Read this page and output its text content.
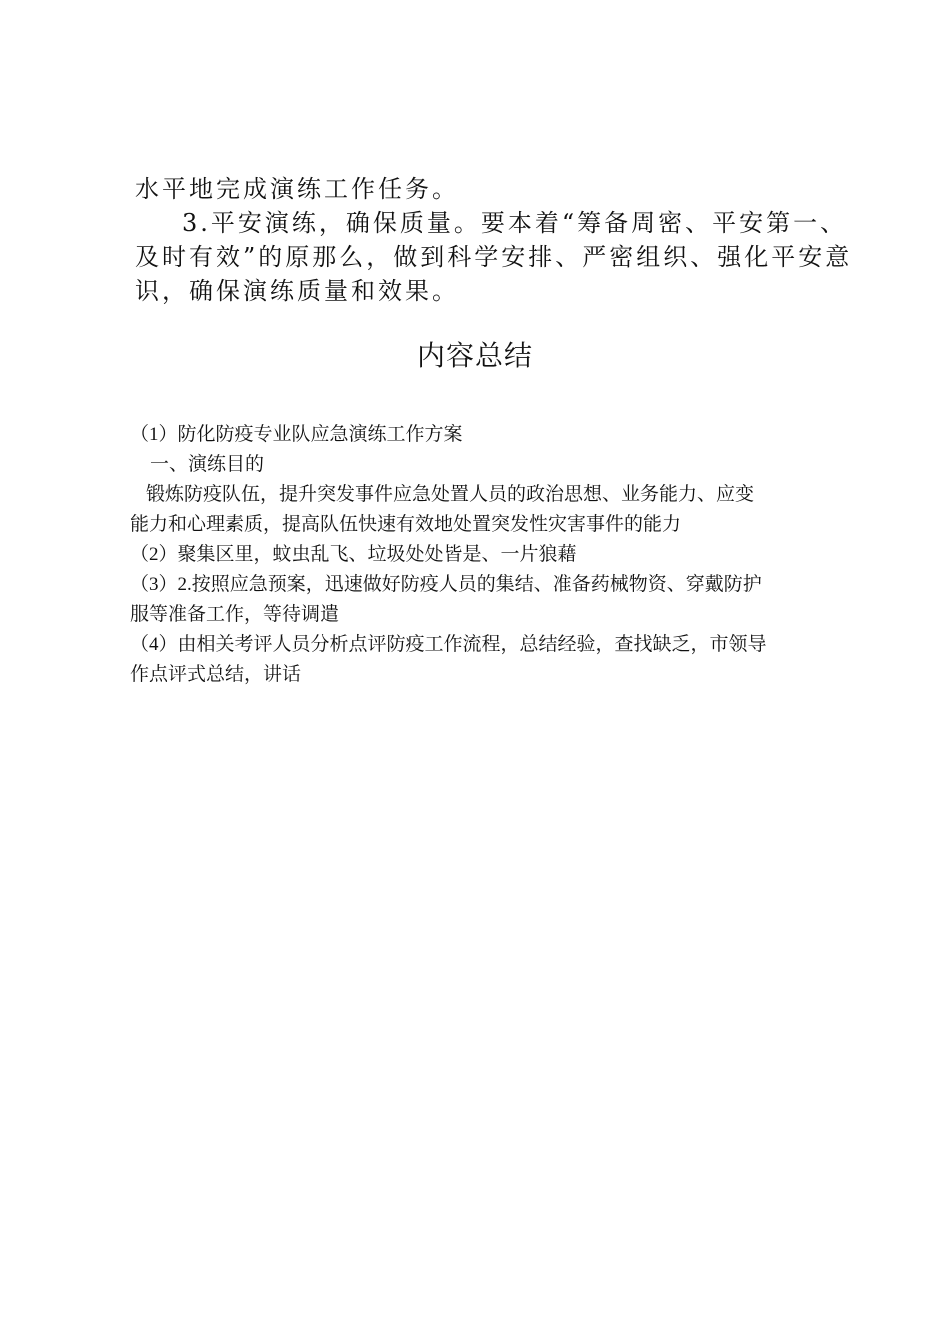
水平地完成演练工作任务。

3.平安演练，确保质量。要本着“筹备周密、平安第一、

及时有效”的原那么，做到科学安排、严密组织、强化平安意

识，确保演练质量和效果。

内容总结

（1）防化防疫专业队应急演练工作方案

一、演练目的

锻炼防疫队伍，提升突发事件应急处置人员的政治思想、业务能力、应变

能力和心理素质，提高队伍快速有效地处置突发性灾害事件的能力

（2）聚集区里，蚊虫乱飞、垃圾处处皆是、一片狼藉

（3）2.按照应急预案，迅速做好防疫人员的集结、准备药械物资、穿戴防护

服等准备工作，等待调遣

（4）由相关考评人员分析点评防疫工作流程，总结经验，查找缺乏，市领导

作点评式总结，讲话
